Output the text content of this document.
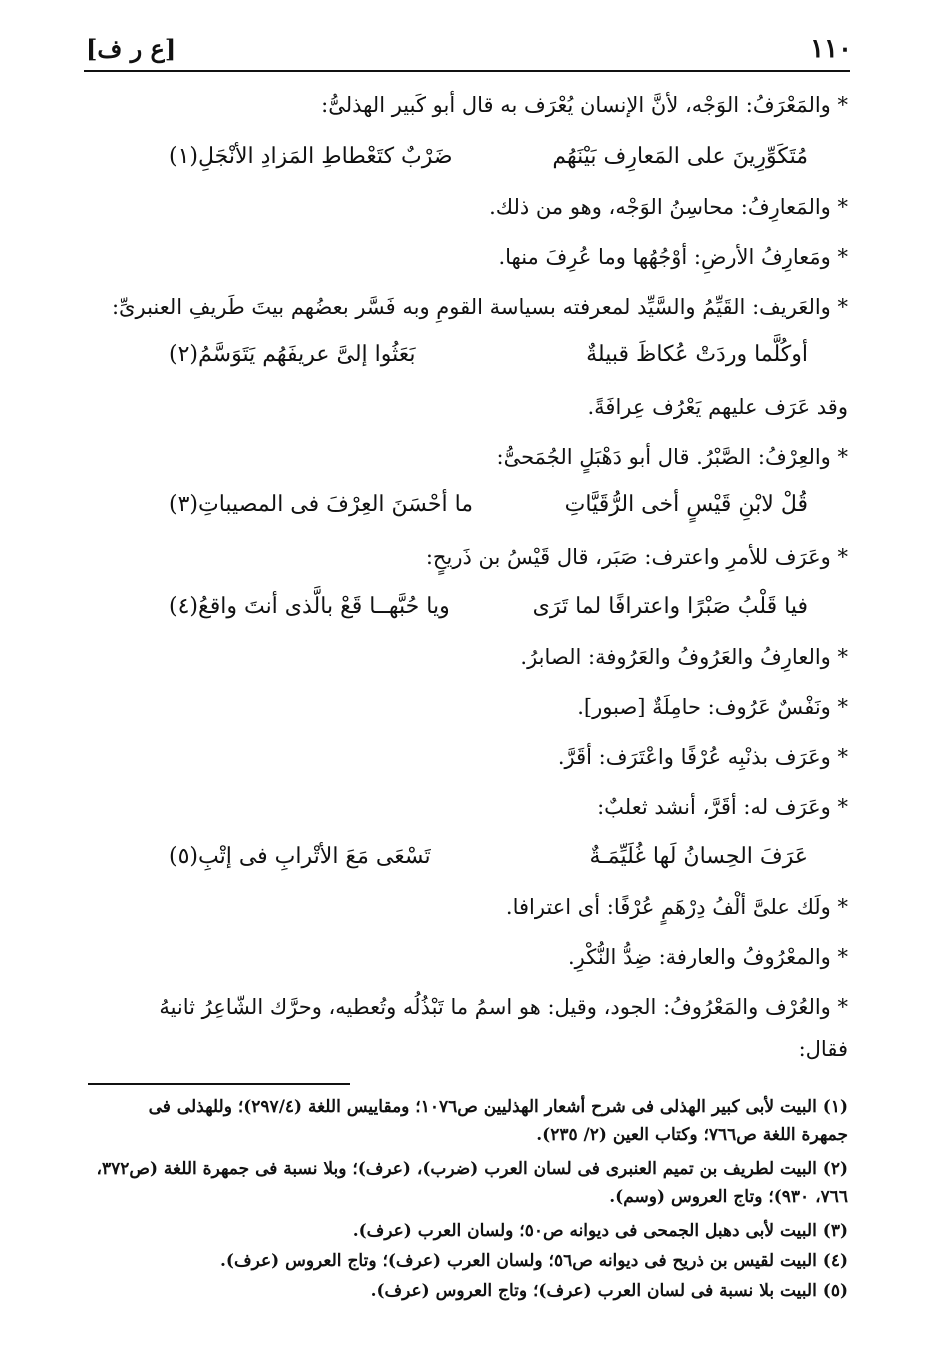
١١٠
[ع ر ف]
* والمَعْرَفُ: الوَجْه، لأنَّ الإنسان يُعْرَف به قال أبو كَبير الهذلىُّ:
مُتَكَوِّرِينَ على المَعارِف بَيْنَهُم
ضَرْبٌ كتَعْطاطِ المَزادِ الأنْجَلِ(١)
* والمَعارِفُ: محاسِنُ الوَجْه، وهو من ذلك.
* ومَعارِفُ الأرضِ: أوْجُهُها وما عُرِفَ منها.
* والعَريف: القَيِّمُ والسَّيِّد لمعرفته بسياسة القومِ وبه فَسَّر بعضُهم بيتَ طَريفِ العنبرىِّ:
أوكُلَّما وردَتْ عُكاظَ قبيلةٌ
بَعَثُوا إلىَّ عريفَهُم يَتَوَسَّمُ(٢)
وقد عَرَف عليهم يَعْرُف عِرافَةً.
* والعِرْفُ: الصَّبْرُ. قال أبو دَهْبَلٍ الجُمَحىُّ:
قُلْ لابْنِ قَيْسٍ أخى الرُّقَيَّاتِ
ما أحْسَنَ العِرْفَ فى المصيباتِ(٣)
* وعَرَف للأمرِ واعترف: صَبَر، قال قَيْسُ بن ذَريحٍ:
فيا قَلْبُ صَبْرًا واعترافًا لما تَرَى
ويا حُبَّهــا قَعْ بالَّذى أنتَ واقعُ(٤)
* والعارِفُ والعَرُوفُ والعَرُوفة: الصابرُ.
* ونَفْسٌ عَرُوف: حامِلَةٌ [صبور].
* وعَرَف بذنْبِه عُرْفًا واعْتَرَف: أقَرَّ.
* وعَرَف له: أقَرَّ، أنشد ثعلبٌ:
عَرَفَ الحِسانُ لَها غُلَيِّمَـةٌ
تَسْعَى مَعَ الأتْرابِ فى إتْبِ(٥)
* ولَك علىَّ ألْفُ دِرْهَمٍ عُرْفًا: أى اعترافا.
* والمعْرُوفُ والعارفة: ضِدُّ النُّكْرِ.
* والعُرْف والمَعْرُوفُ: الجود، وقيل: هو اسمُ ما تَبْذُلُه وتُعطيه، وحرَّك الشّاعِرُ ثانيهُ
فقال:
(١) البيت لأبى كبير الهذلى فى شرح أشعار الهذليين ص١٠٧٦؛ ومقاييس اللغة (٢٩٧/٤)؛ وللهذلى فى
جمهرة اللغة ص٧٦٦؛ وكتاب العين (٢/ ٢٣٥).
(٢) البيت لطريف بن تميم العنبرى فى لسان العرب (ضرب)، (عرف)؛ وبلا نسبة فى جمهرة اللغة (ص٣٧٢،
٧٦٦، ٩٣٠)؛ وتاج العروس (وسم).
(٣) البيت لأبى دهبل الجمحى فى ديوانه ص٥٠؛ ولسان العرب (عرف).
(٤) البيت لقيس بن ذريح فى ديوانه ص٥٦؛ ولسان العرب (عرف)؛ وتاج العروس (عرف).
(٥) البيت بلا نسبة فى لسان العرب (عرف)؛ وتاج العروس (عرف).
